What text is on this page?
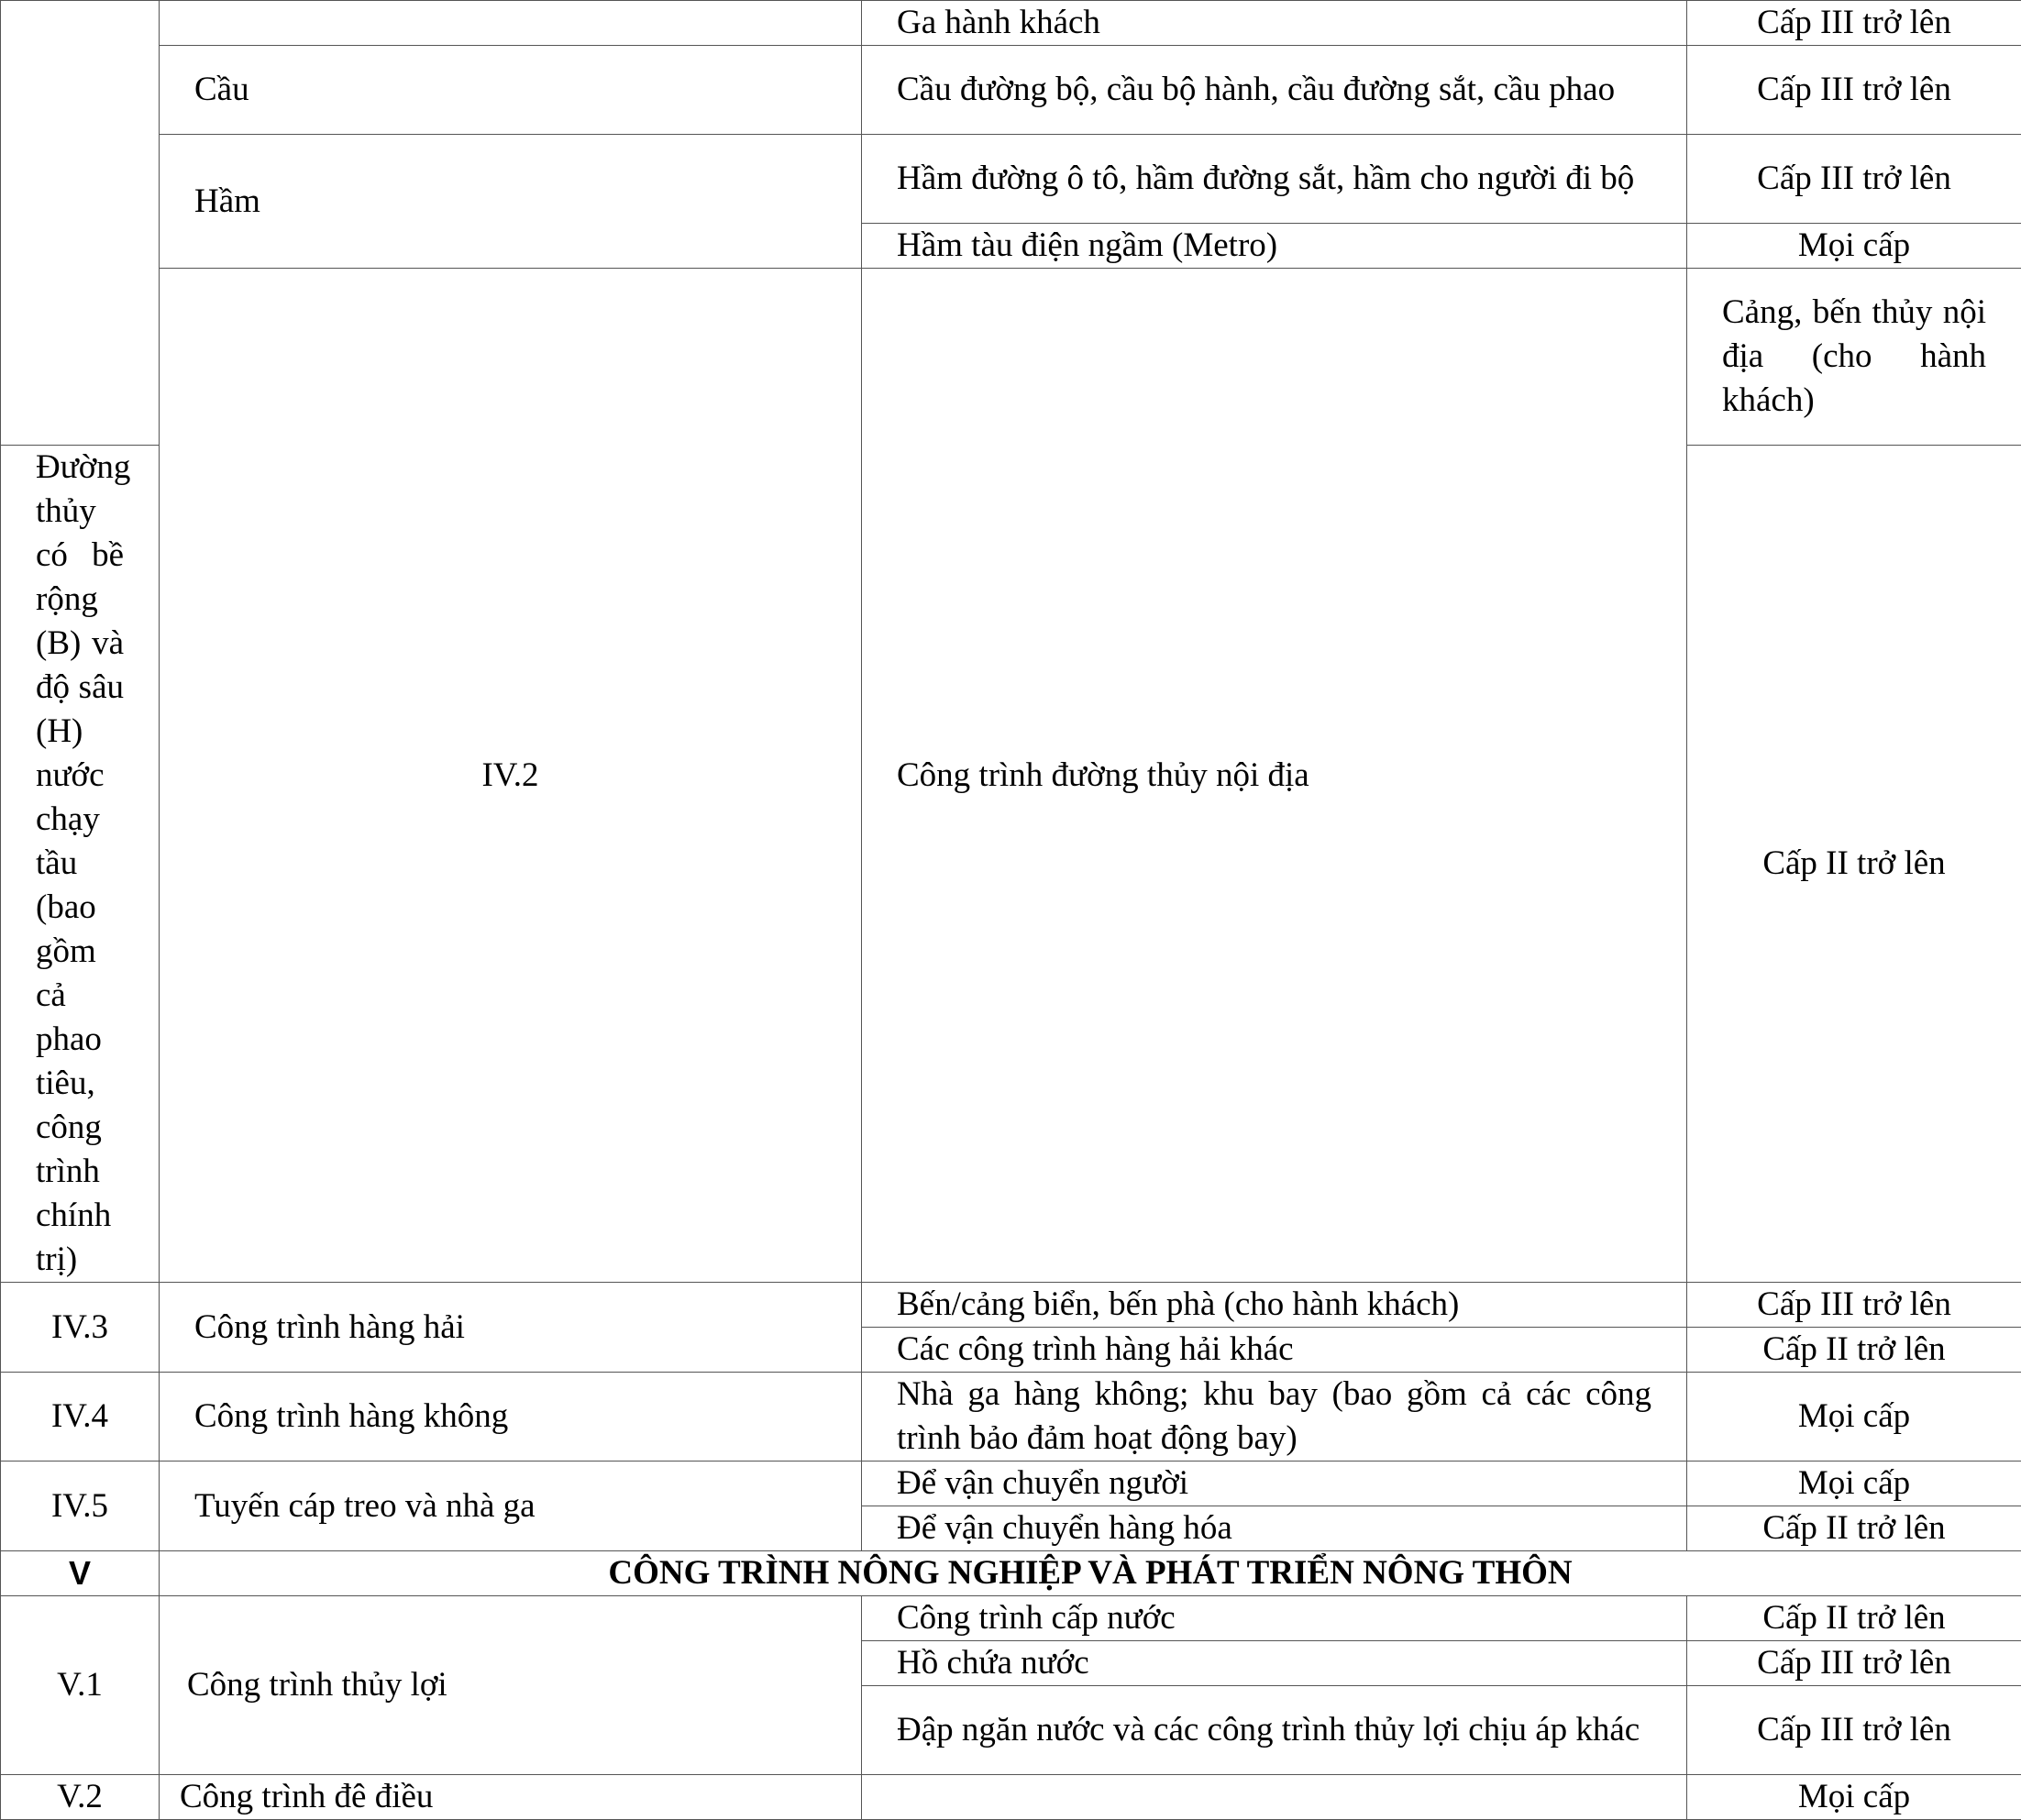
		Ga hành khách	Cấp III trở lên	
	Cầu	Cầu đường bộ, cầu bộ hành, cầu đường sắt, cầu phao	Cấp III trở lên	
	Hầm	Hầm đường ô tô, hầm đường sắt, hầm cho người đi bộ	Cấp III trở lên	
		Hầm tàu điện ngầm (Metro)	Mọi cấp	
	IV.2	Công trình đường thủy nội địa	Cảng, bến thủy nội địa (cho hành khách)	
Đường thủy có bề rộng (B) và độ sâu (H) nước chạy tầu (bao gồm cả phao tiêu, công trình chính trị)			Cấp II trở lên	
IV.3	Công trình hàng hải	Bến/cảng biển, bến phà (cho hành khách)	Cấp III trở lên	
		Các công trình hàng hải khác	Cấp II trở lên	
IV.4	Công trình hàng không	Nhà ga hàng không; khu bay (bao gồm cả các công trình bảo đảm hoạt động bay)	Mọi cấp	
IV.5	Tuyến cáp treo và nhà ga	Để vận chuyển người	Mọi cấp	
		Để vận chuyển hàng hóa	Cấp II trở lên	
V	CÔNG TRÌNH NÔNG NGHIỆP VÀ PHÁT TRIỂN NÔNG THÔN			
V.1	Công trình thủy lợi	Công trình cấp nước	Cấp II trở lên	
		Hồ chứa nước	Cấp III trở lên	
		Đập ngăn nước và các công trình thủy lợi chịu áp khác	Cấp III trở lên	
V.2	Công trình đê điều		Mọi cấp	
